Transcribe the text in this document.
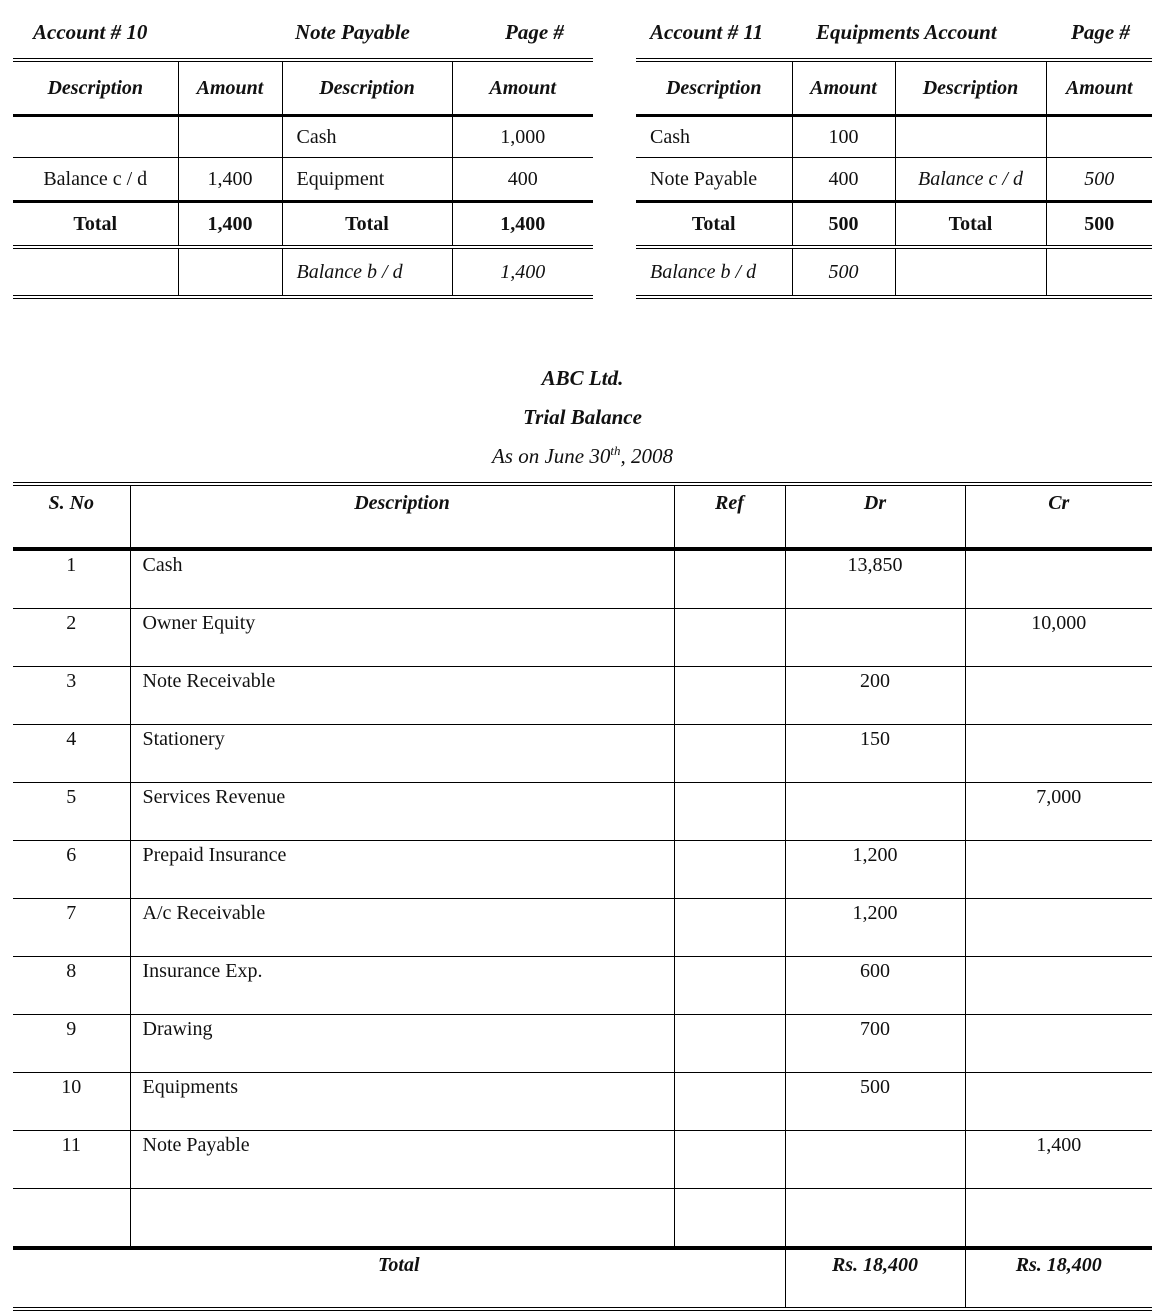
Account # 10	Note Payable	Page #
Description	Amount	Description	Amount
		Cash	1,000
Balance c / d	1,400	Equipment	400
Total	1,400	Total	1,400
		Balance b / d	1,400
Account # 11	Equipments Account	Page #
Description	Amount	Description	Amount
Cash	100		
Note Payable	400	Balance c / d	500
Total	500	Total	500
Balance b / d	500		
ABC Ltd.
Trial Balance
As on June 30th, 2008
S. No	Description	Ref	Dr	Cr
1	Cash		13,850	
2	Owner Equity			10,000
3	Note Receivable		200	
4	Stationery		150	
5	Services Revenue			7,000
6	Prepaid Insurance		1,200	
7	A/c Receivable		1,200	
8	Insurance Exp.		600	
9	Drawing		700	
10	Equipments		500	
11	Note Payable			1,400

Total			Rs. 18,400	Rs. 18,400
